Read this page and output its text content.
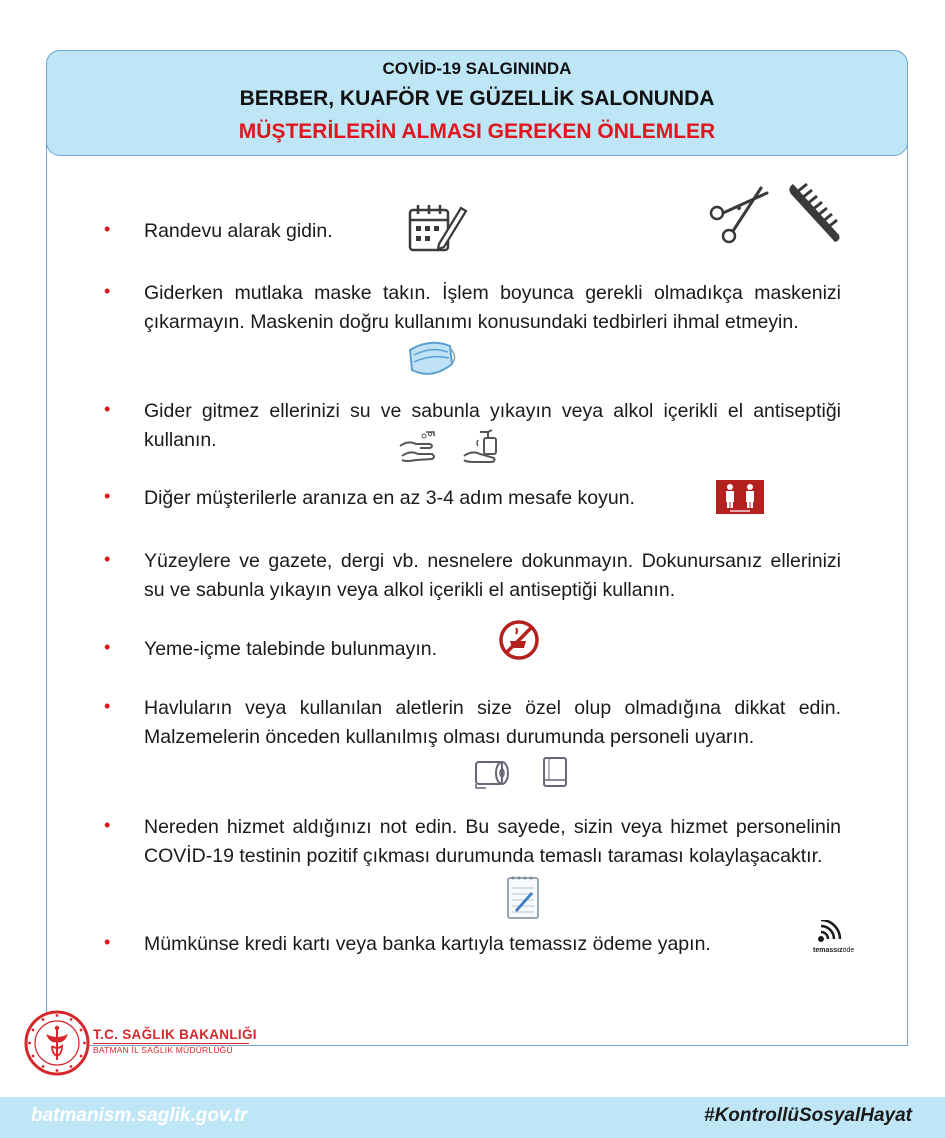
COVİD-19 SALGININDA
BERBER, KUAFÖR VE GÜZELLİK SALONUNDA
MÜŞTERİLERİN ALMASI GEREKEN ÖNLEMLER
• Randevu alarak gidin.
• Giderken mutlaka maske takın. İşlem boyunca gerekli olmadıkça maskenizi çıkarmayın. Maskenin doğru kullanımı konusundaki tedbirleri ihmal etmeyin.
• Gider gitmez ellerinizi su ve sabunla yıkayın veya alkol içerikli el antiseptiği kullanın.
• Diğer müşterilerle aranıza en az 3-4 adım mesafe koyun.
• Yüzeylere ve gazete, dergi vb. nesnelere dokunmayın. Dokunursanız ellerinizi su ve sabunla yıkayın veya alkol içerikli el antiseptiği kullanın.
• Yeme-içme talebinde bulunmayın.
• Havluların veya kullanılan aletlerin size özel olup olmadığına dikkat edin. Malzemelerin önceden kullanılmış olması durumunda personeli uyarın.
• Nereden hizmet aldığınızı not edin. Bu sayede, sizin veya hizmet personelinin COVİD-19 testinin pozitif çıkması durumunda temaslı taraması kolaylaşacaktır.
• Mümkünse kredi kartı veya banka kartıyla temassız ödeme yapın.	temassızöde
T.C. SAĞLIK BAKANLIĞI
BATMAN İL SAĞLIK MÜDÜRLÜĞÜ
batmanism.saglik.gov.tr	#KontrollüSosyalHayat
